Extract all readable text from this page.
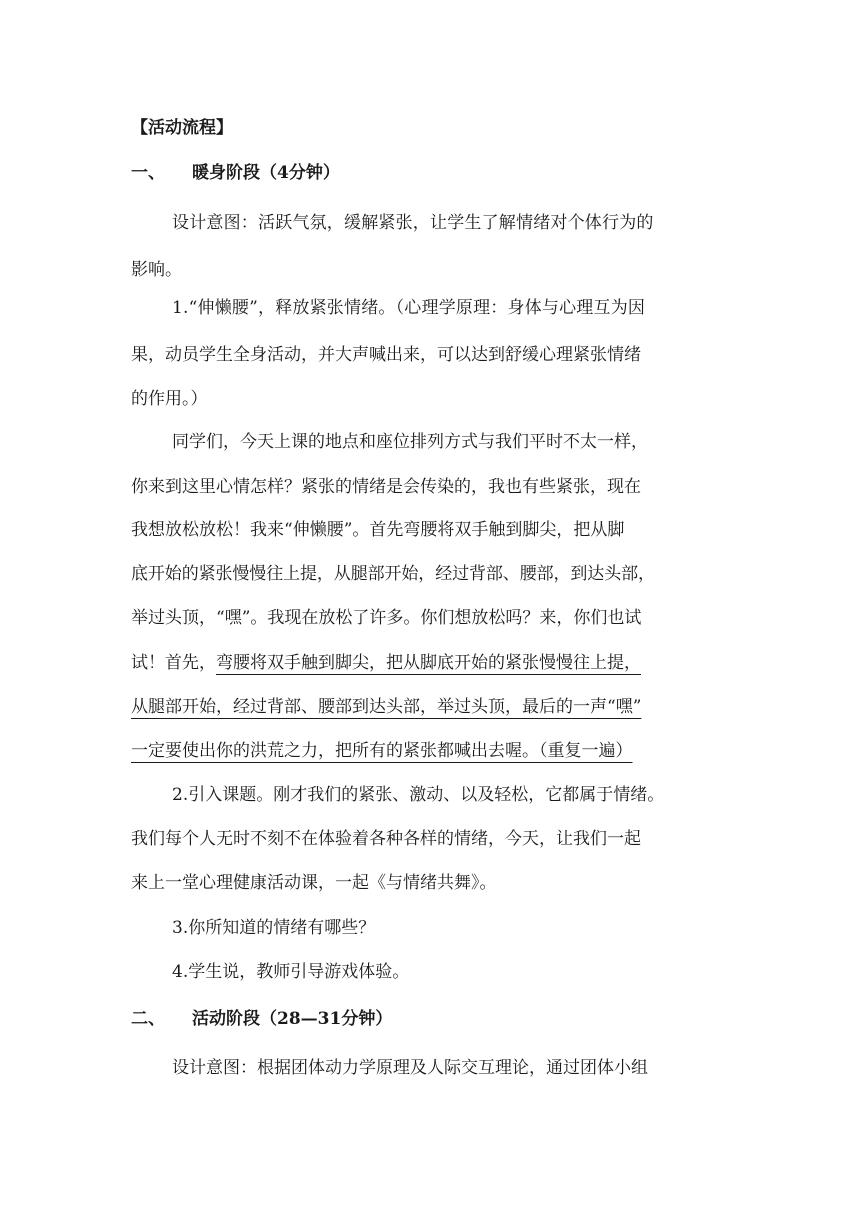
【活动流程】
一、 暖身阶段（4分钟）
设计意图：活跃气氛，缓解紧张，让学生了解情绪对个体行为的
影响。
1.“伸懒腰”，释放紧张情绪。（心理学原理：身体与心理互为因
果，动员学生全身活动，并大声喊出来，可以达到舒缓心理紧张情绪
的作用。）
同学们，今天上课的地点和座位排列方式与我们平时不太一样，
你来到这里心情怎样？紧张的情绪是会传染的，我也有些紧张，现在
我想放松放松！我来“伸懒腰”。首先弯腰将双手触到脚尖，把从脚
底开始的紧张慢慢往上提，从腿部开始，经过背部、腰部，到达头部，
举过头顶，“嘿”。我现在放松了许多。你们想放松吗？来，你们也试
试！首先，弯腰将双手触到脚尖，把从脚底开始的紧张慢慢往上提，
从腿部开始，经过背部、腰部到达头部，举过头顶，最后的一声“嘿”
一定要使出你的洪荒之力，把所有的紧张都喊出去喔。（重复一遍）
2.引入课题。刚才我们的紧张、激动、以及轻松，它都属于情绪。
我们每个人无时不刻不在体验着各种各样的情绪，今天，让我们一起
来上一堂心理健康活动课，一起《与情绪共舞》。
3.你所知道的情绪有哪些？
4.学生说，教师引导游戏体验。
二、 活动阶段（28—31分钟）
设计意图：根据团体动力学原理及人际交互理论，通过团体小组
